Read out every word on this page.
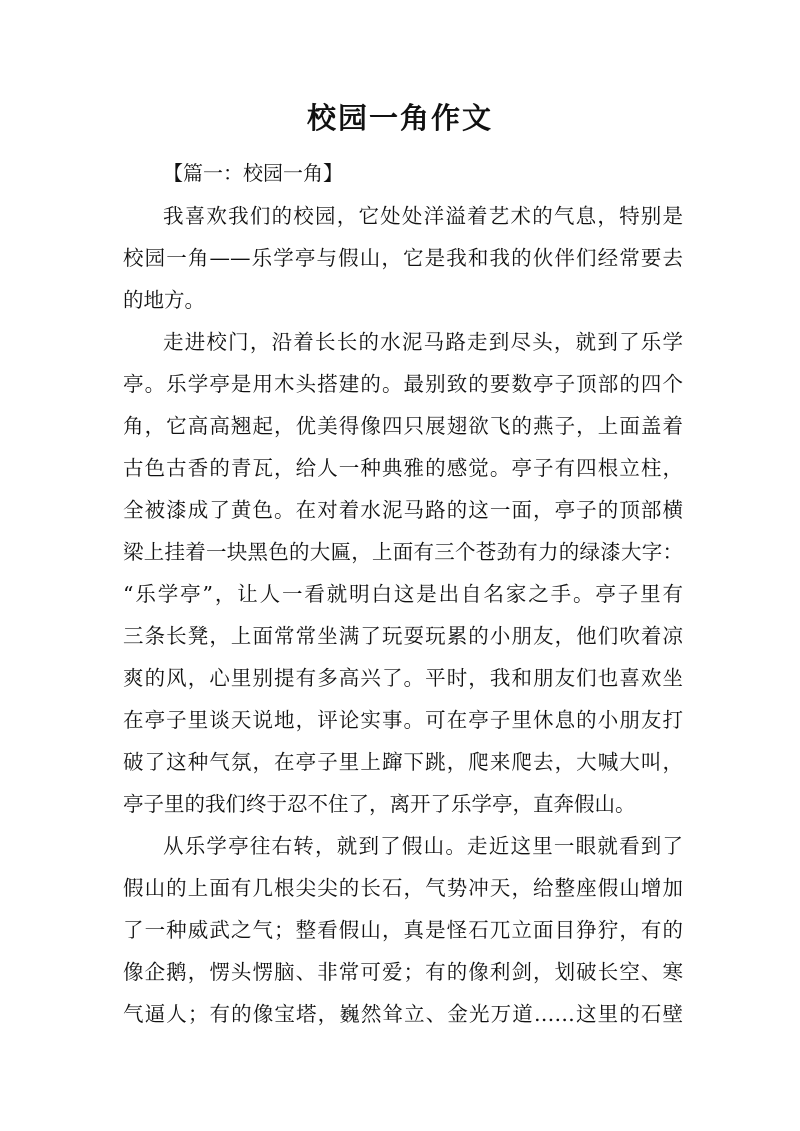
校园一角作文
【篇一：校园一角】
我喜欢我们的校园，它处处洋溢着艺术的气息，特别是
校园一角——乐学亭与假山，它是我和我的伙伴们经常要去
的地方。
走进校门，沿着长长的水泥马路走到尽头，就到了乐学
亭。乐学亭是用木头搭建的。最别致的要数亭子顶部的四个
角，它高高翘起，优美得像四只展翅欲飞的燕子，上面盖着
古色古香的青瓦，给人一种典雅的感觉。亭子有四根立柱，
全被漆成了黄色。在对着水泥马路的这一面，亭子的顶部横
梁上挂着一块黑色的大匾，上面有三个苍劲有力的绿漆大字：
“乐学亭”，让人一看就明白这是出自名家之手。亭子里有
三条长凳，上面常常坐满了玩耍玩累的小朋友，他们吹着凉
爽的风，心里别提有多高兴了。平时，我和朋友们也喜欢坐
在亭子里谈天说地，评论实事。可在亭子里休息的小朋友打
破了这种气氛，在亭子里上蹿下跳，爬来爬去，大喊大叫，
亭子里的我们终于忍不住了，离开了乐学亭，直奔假山。
从乐学亭往右转，就到了假山。走近这里一眼就看到了
假山的上面有几根尖尖的长石，气势冲天，给整座假山增加
了一种威武之气；整看假山，真是怪石兀立面目狰狞，有的
像企鹅，愣头愣脑、非常可爱；有的像利剑，划破长空、寒
气逼人；有的像宝塔，巍然耸立、金光万道……这里的石壁
